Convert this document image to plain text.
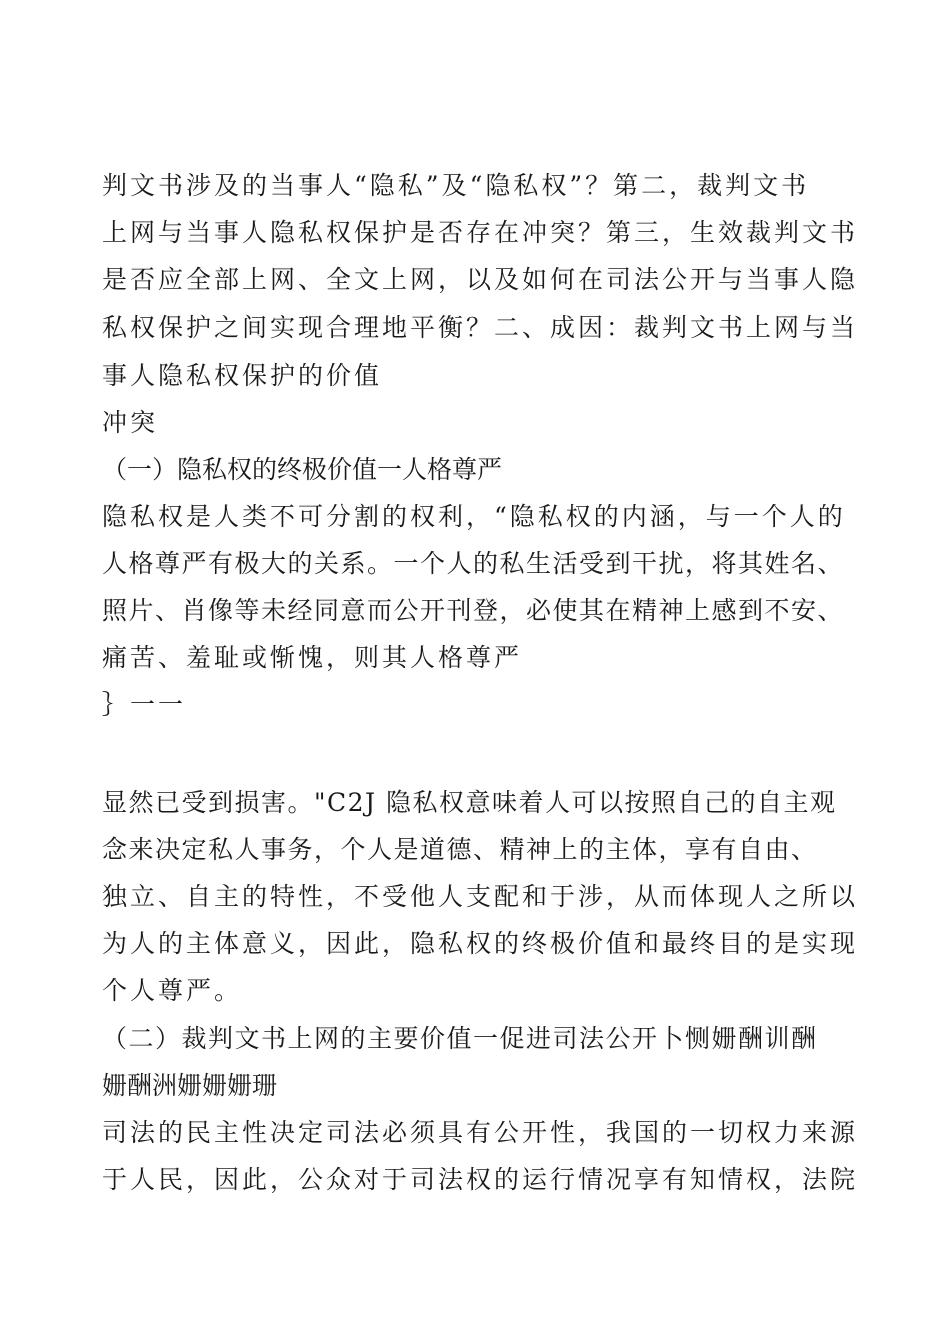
判文书涉及的当事人“隐私”及“隐私权”？第二，裁判文书
上网与当事人隐私权保护是否存在冲突？第三，生效裁判文书
是否应全部上网、全文上网，以及如何在司法公开与当事人隐
私权保护之间实现合理地平衡？二、成因：裁判文书上网与当
事人隐私权保护的价值
冲突
（一）隐私权的终极价值一人格尊严
隐私权是人类不可分割的权利，“隐私权的内涵，与一个人的
人格尊严有极大的关系。一个人的私生活受到干扰，将其姓名、
照片、肖像等未经同意而公开刊登，必使其在精神上感到不安、
痛苦、羞耻或惭愧，则其人格尊严
｝一一
显然已受到损害。"C2J 隐私权意味着人可以按照自己的自主观
念来决定私人事务，个人是道德、精神上的主体，享有自由、
独立、自主的特性，不受他人支配和于涉，从而体现人之所以
为人的主体意义，因此，隐私权的终极价值和最终目的是实现
个人尊严。
（二）裁判文书上网的主要价值一促进司法公开卜恻姗酬训酬
姗酬洲姗姗姗珊
司法的民主性决定司法必须具有公开性，我国的一切权力来源
于人民，因此，公众对于司法权的运行情况享有知情权，法院
